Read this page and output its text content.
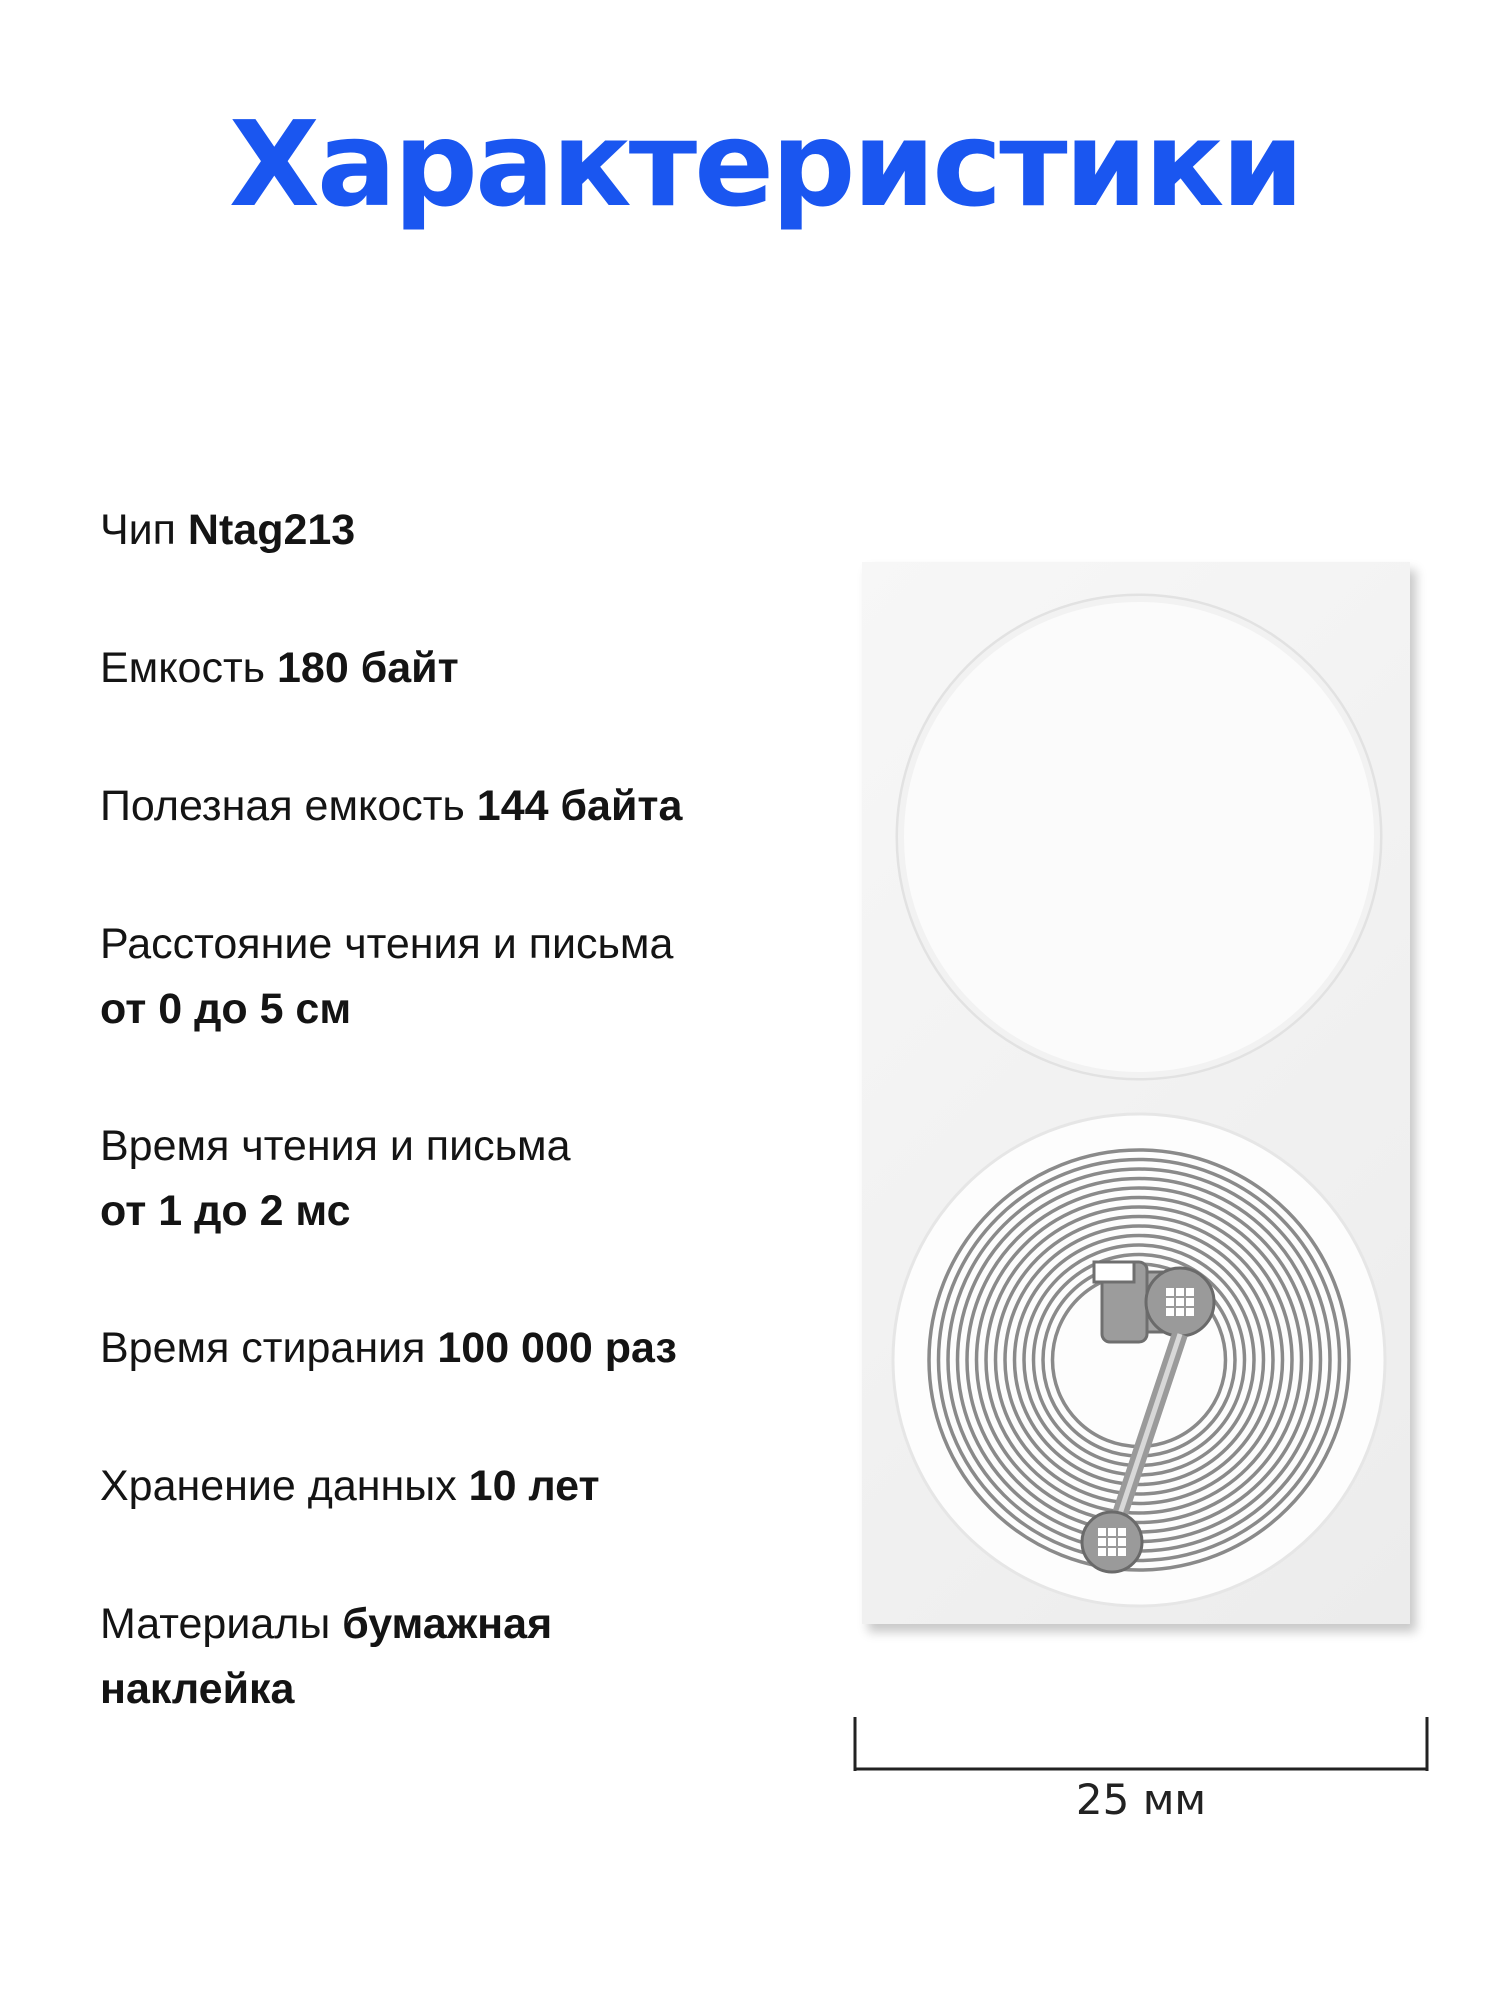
Характеристики

Чип Ntag213

Емкость 180 байт

Полезная емкость 144 байта

Расстояние чтения и письма
от 0 до 5 см

Время чтения и письма
от 1 до 2 мс

Время стирания 100 000 раз

Хранение данных 10 лет

Материалы бумажная наклейка

25 мм
